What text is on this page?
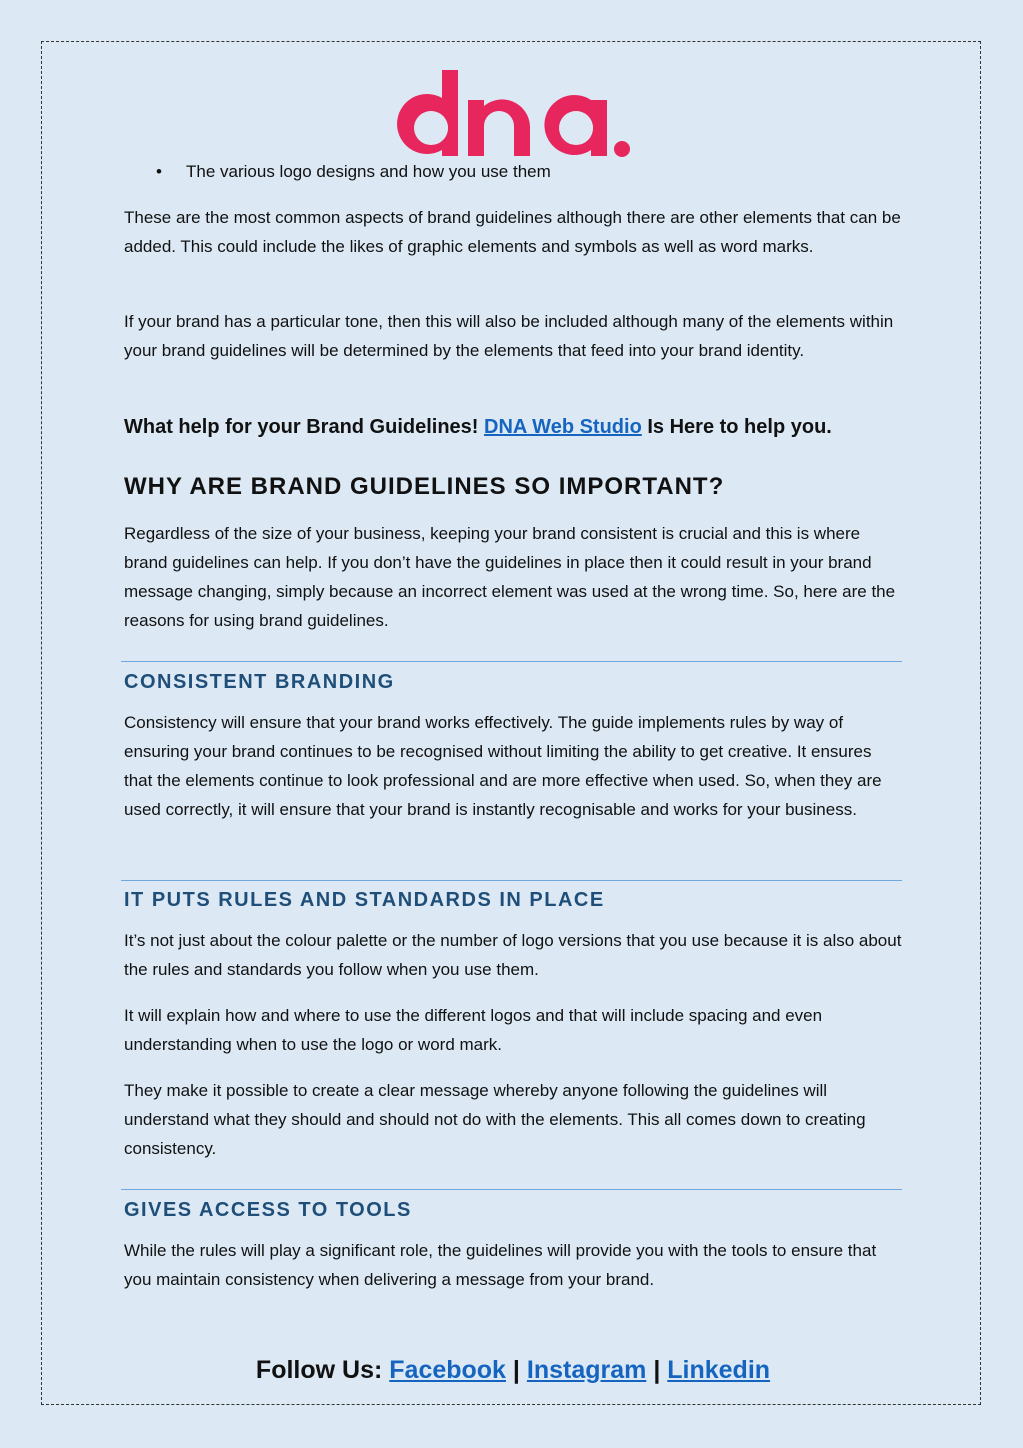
• The various logo designs and how you use them

These are the most common aspects of brand guidelines although there are other elements that can be added. This could include the likes of graphic elements and symbols as well as word marks.

If your brand has a particular tone, then this will also be included although many of the elements within your brand guidelines will be determined by the elements that feed into your brand identity.

What help for your Brand Guidelines! DNA Web Studio Is Here to help you.
WHY ARE BRAND GUIDELINES SO IMPORTANT?

Regardless of the size of your business, keeping your brand consistent is crucial and this is where brand guidelines can help. If you don’t have the guidelines in place then it could result in your brand message changing, simply because an incorrect element was used at the wrong time. So, here are the reasons for using brand guidelines.

CONSISTENT BRANDING

Consistency will ensure that your brand works effectively. The guide implements rules by way of ensuring your brand continues to be recognised without limiting the ability to get creative. It ensures that the elements continue to look professional and are more effective when used. So, when they are used correctly, it will ensure that your brand is instantly recognisable and works for your business.

IT PUTS RULES AND STANDARDS IN PLACE

It’s not just about the colour palette or the number of logo versions that you use because it is also about the rules and standards you follow when you use them.

It will explain how and where to use the different logos and that will include spacing and even understanding when to use the logo or word mark.

They make it possible to create a clear message whereby anyone following the guidelines will understand what they should and should not do with the elements. This all comes down to creating consistency.

GIVES ACCESS TO TOOLS

While the rules will play a significant role, the guidelines will provide you with the tools to ensure that you maintain consistency when delivering a message from your brand.

Follow Us: Facebook | Instagram | Linkedin
